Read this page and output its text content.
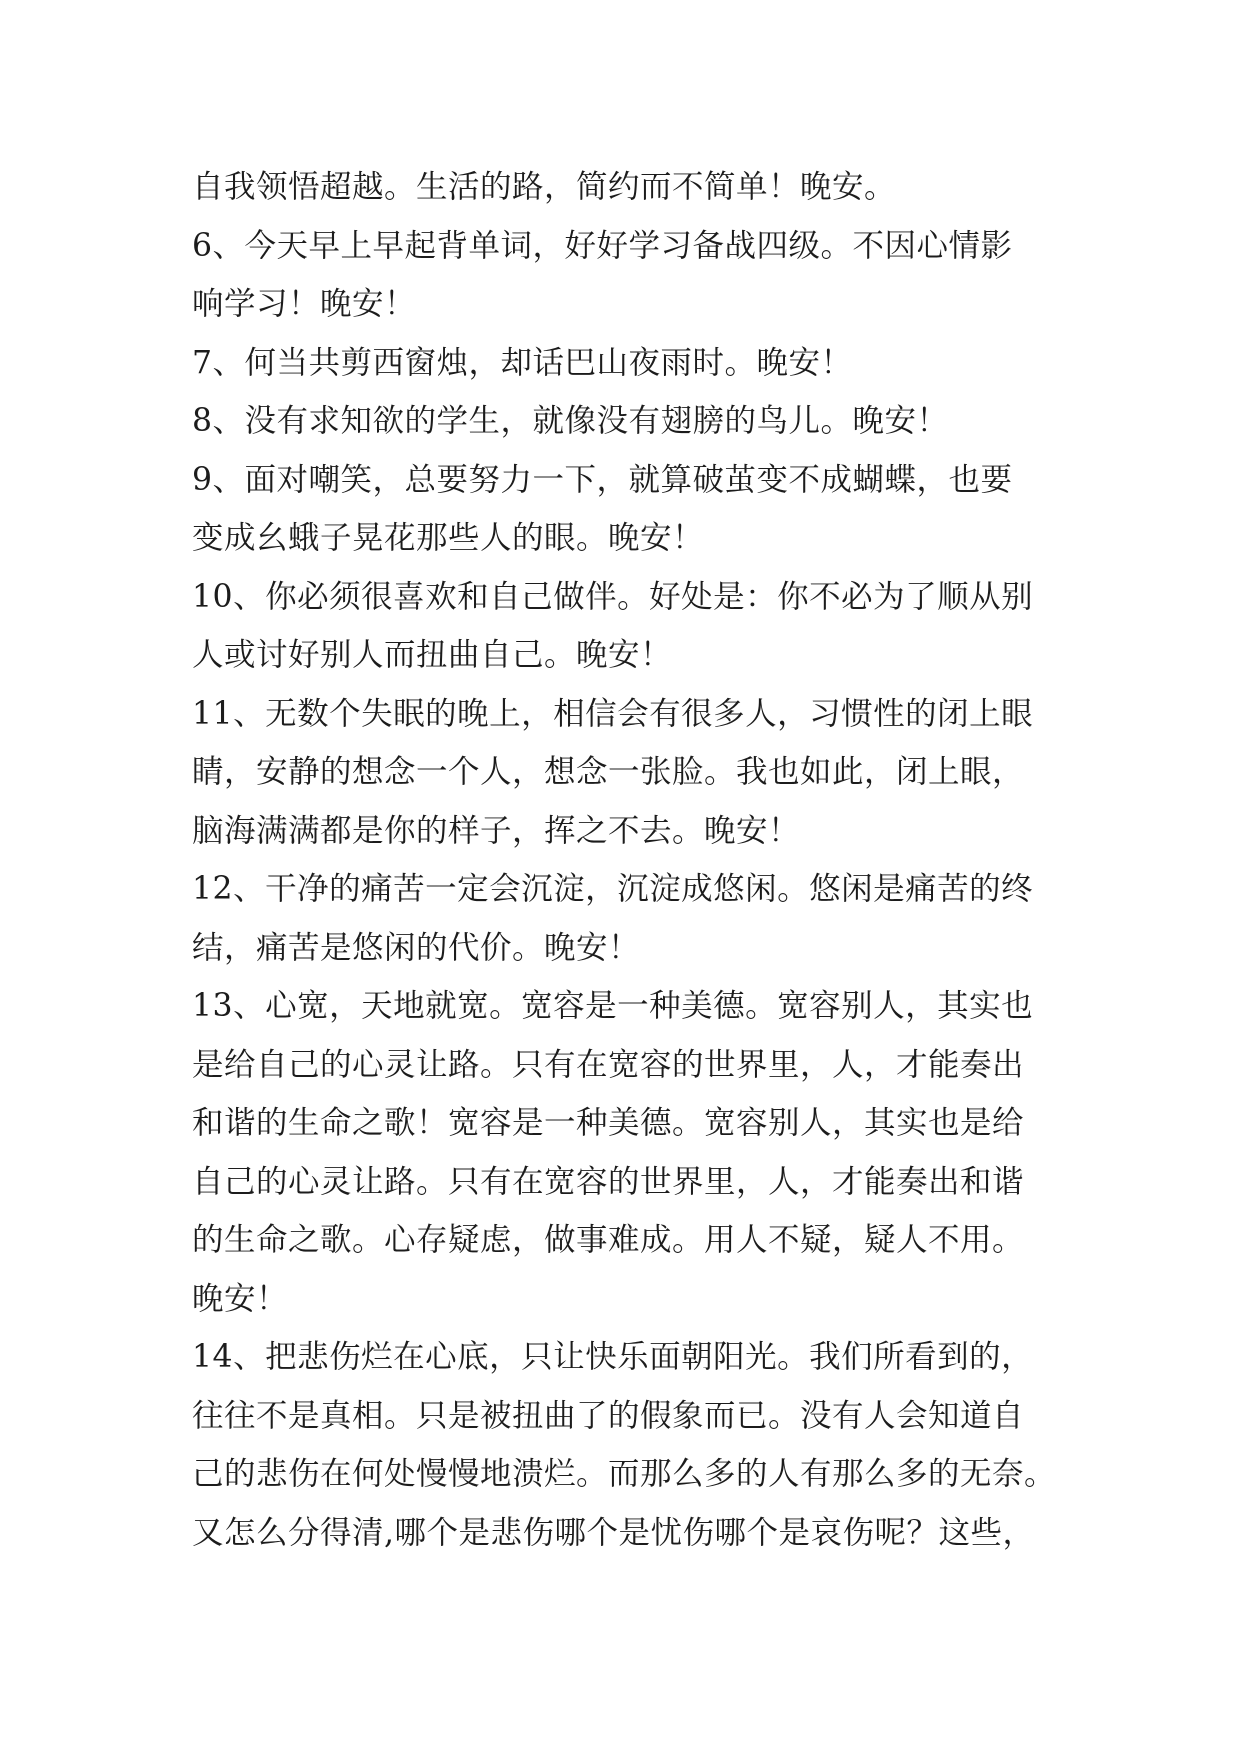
自我领悟超越。生活的路，简约而不简单！晚安。
6、今天早上早起背单词，好好学习备战四级。不因心情影
响学习！晚安！
7、何当共剪西窗烛，却话巴山夜雨时。晚安！
8、没有求知欲的学生，就像没有翅膀的鸟儿。晚安！
9、面对嘲笑，总要努力一下，就算破茧变不成蝴蝶，也要
变成幺蛾子晃花那些人的眼。晚安！
10、你必须很喜欢和自己做伴。好处是：你不必为了顺从别
人或讨好别人而扭曲自己。晚安！
11、无数个失眠的晚上，相信会有很多人，习惯性的闭上眼
睛，安静的想念一个人，想念一张脸。我也如此，闭上眼，
脑海满满都是你的样子，挥之不去。晚安！
12、干净的痛苦一定会沉淀，沉淀成悠闲。悠闲是痛苦的终
结，痛苦是悠闲的代价。晚安！
13、心宽，天地就宽。宽容是一种美德。宽容别人，其实也
是给自己的心灵让路。只有在宽容的世界里，人，才能奏出
和谐的生命之歌！宽容是一种美德。宽容别人，其实也是给
自己的心灵让路。只有在宽容的世界里，人，才能奏出和谐
的生命之歌。心存疑虑，做事难成。用人不疑，疑人不用。
晚安！
14、把悲伤烂在心底，只让快乐面朝阳光。我们所看到的，
往往不是真相。只是被扭曲了的假象而已。没有人会知道自
己的悲伤在何处慢慢地溃烂。而那么多的人有那么多的无奈。
又怎么分得清,哪个是悲伤哪个是忧伤哪个是哀伤呢？这些，
